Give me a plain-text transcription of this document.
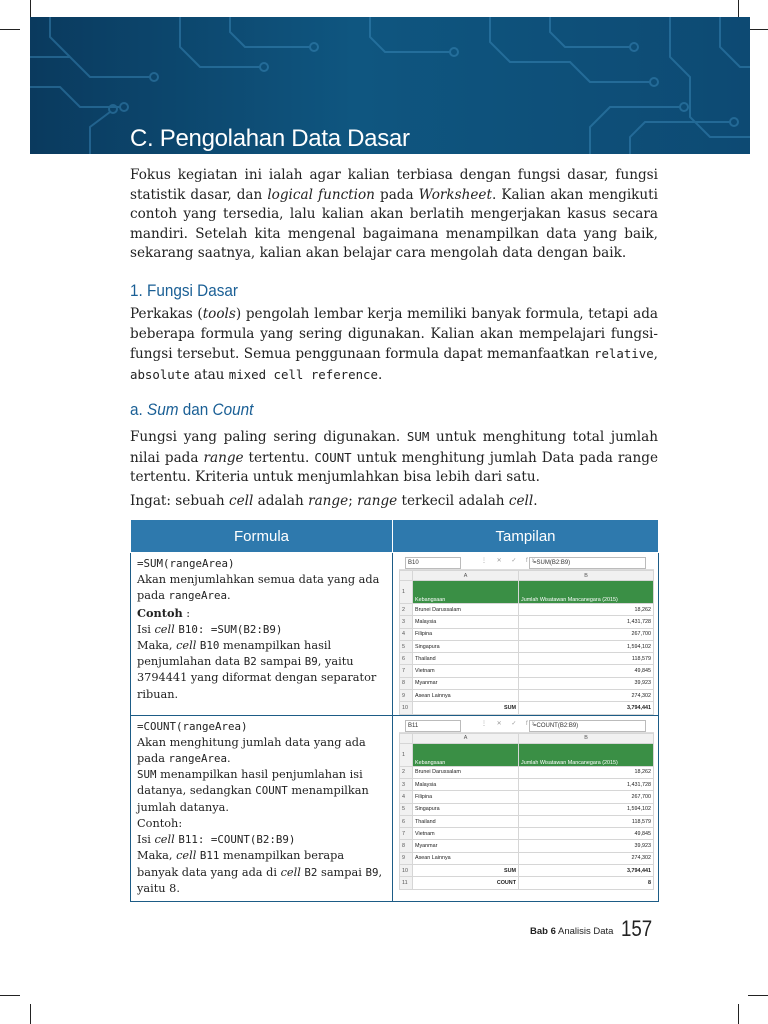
C. Pengolahan Data Dasar

Fokus kegiatan ini ialah agar kalian terbiasa dengan fungsi dasar, fungsi statistik dasar, dan logical function pada Worksheet. Kalian akan mengikuti contoh yang tersedia, lalu kalian akan berlatih mengerjakan kasus secara mandiri. Setelah kita mengenal bagaimana menampilkan data yang baik, sekarang saatnya, kalian akan belajar cara mengolah data dengan baik.

1. Fungsi Dasar

Perkakas (tools) pengolah lembar kerja memiliki banyak formula, tetapi ada beberapa formula yang sering digunakan. Kalian akan mempelajari fungsi-fungsi tersebut. Semua penggunaan formula dapat memanfaatkan relative, absolute atau mixed cell reference.

a. Sum dan Count

Fungsi yang paling sering digunakan. SUM untuk menghitung total jumlah nilai pada range tertentu. COUNT untuk menghitung jumlah Data pada range tertentu. Kriteria untuk menjumlahkan bisa lebih dari satu.

Ingat: sebuah cell adalah range; range terkecil adalah cell.

Formula	Tampilan

=SUM(rangeArea)
Akan menjumlahkan semua data yang ada pada rangeArea.
Contoh :
Isi cell B10: =SUM(B2:B9)
Maka, cell B10 menampilkan hasil penjumlahan data B2 sampai B9, yaitu 3794441 yang diformat dengan separator ribuan.

B10	⋮ ✕ ✓ fx
=SUM(B2:B9)
	A	B
1	Kebangsaan	Jumlah Wisatawan Mancanegara (2015)
2	Brunei Darussalam	18,262
3	Malaysia	1,431,728
4	Filipina	267,700
5	Singapura	1,594,102
6	Thailand	118,579
7	Vietnam	49,845
8	Myanmar	39,923
9	Asean Lainnya	274,302
10	SUM	3,794,441

=COUNT(rangeArea)
Akan menghitung jumlah data yang ada pada rangeArea.
SUM menampilkan hasil penjumlahan isi datanya, sedangkan COUNT menampilkan jumlah datanya.
Contoh:
Isi cell B11: =COUNT(B2:B9)
Maka, cell B11 menampilkan berapa banyak data yang ada di cell B2 sampai B9, yaitu 8.

B11	⋮ ✕ ✓ fx
=COUNT(B2:B9)
	A	B
1	Kebangsaan	Jumlah Wisatawan Mancanegara (2015)
2	Brunei Darussalam	18,262
3	Malaysia	1,431,728
4	Filipina	267,700
5	Singapura	1,594,102
6	Thailand	118,579
7	Vietnam	49,845
8	Myanmar	39,923
9	Asean Lainnya	274,302
10	SUM	3,794,441
11	COUNT	8
Bab 6 Analisis Data 157
